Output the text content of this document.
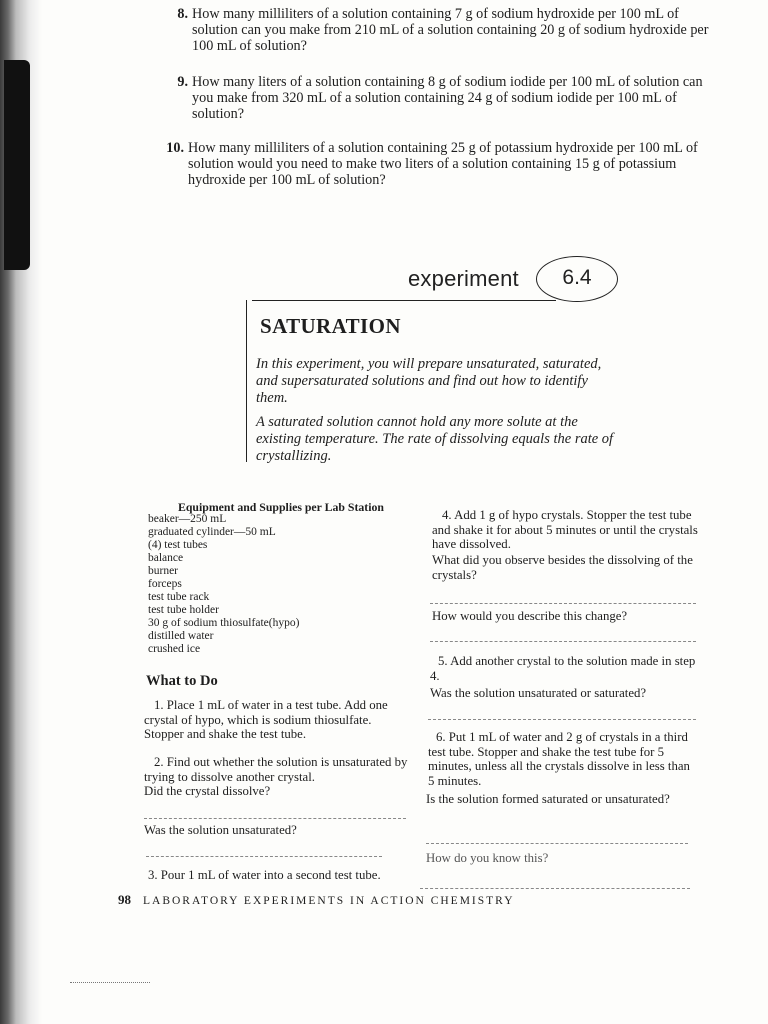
8. How many milliliters of a solution containing 7 g of sodium hydroxide per 100 mL of solution can you make from 210 mL of a solution containing 20 g of sodium hydroxide per 100 mL of solution?
9. How many liters of a solution containing 8 g of sodium iodide per 100 mL of solution can you make from 320 mL of a solution containing 24 g of sodium iodide per 100 mL of solution?
10. How many milliliters of a solution containing 25 g of potassium hydroxide per 100 mL of solution would you need to make two liters of a solution containing 15 g of potassium hydroxide per 100 mL of solution?
experiment	6.4
SATURATION
In this experiment, you will prepare unsaturated, saturated, and supersaturated solutions and find out how to identify them.
A saturated solution cannot hold any more solute at the existing temperature. The rate of dissolving equals the rate of crystallizing.
Equipment and Supplies per Lab Station
beaker—250 mL
graduated cylinder—50 mL
(4) test tubes
balance
burner
forceps
test tube rack
test tube holder
30 g of sodium thiosulfate(hypo)
distilled water
crushed ice
What to Do
1. Place 1 mL of water in a test tube. Add one crystal of hypo, which is sodium thiosulfate. Stopper and shake the test tube.
2. Find out whether the solution is unsaturated by trying to dissolve another crystal.
Did the crystal dissolve?
Was the solution unsaturated?
3. Pour 1 mL of water into a second test tube.
4. Add 1 g of hypo crystals. Stopper the test tube and shake it for about 5 minutes or until the crystals have dissolved.
What did you observe besides the dissolving of the crystals?
How would you describe this change?
5. Add another crystal to the solution made in step 4.
Was the solution unsaturated or saturated?
6. Put 1 mL of water and 2 g of crystals in a third test tube. Stopper and shake the test tube for 5 minutes, unless all the crystals dissolve in less than 5 minutes.
Is the solution formed saturated or unsaturated?
How do you know this?
98 LABORATORY EXPERIMENTS IN ACTION CHEMISTRY
